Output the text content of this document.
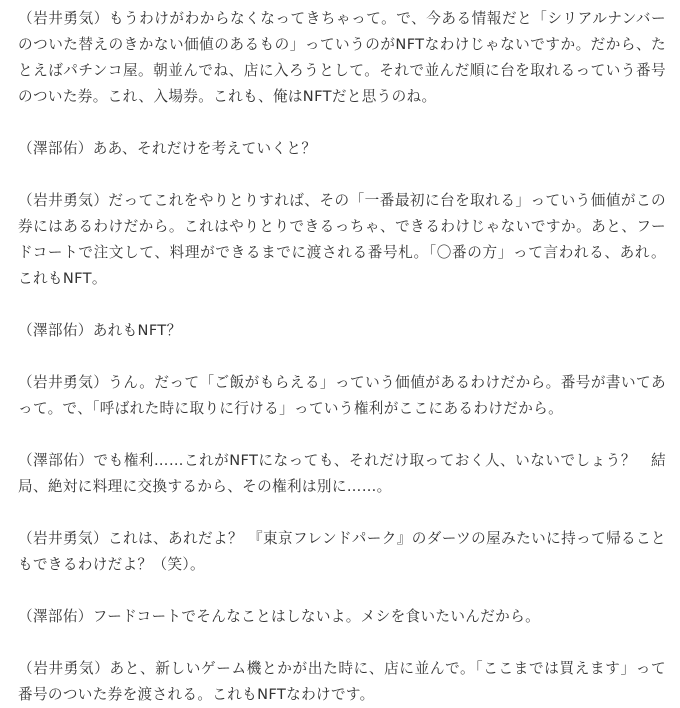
（岩井勇気）もうわけがわからなくなってきちゃって。で、今ある情報だと「シリアルナンバーのついた替えのきかない価値のあるもの」っていうのがNFTなわけじゃないですか。だから、たとえばパチンコ屋。朝並んでね、店に入ろうとして。それで並んだ順に台を取れるっていう番号のついた券。これ、入場券。これも、俺はNFTだと思うのね。

（澤部佑）ああ、それだけを考えていくと？

（岩井勇気）だってこれをやりとりすれば、その「一番最初に台を取れる」っていう価値がこの券にはあるわけだから。これはやりとりできるっちゃ、できるわけじゃないですか。あと、フードコートで注文して、料理ができるまでに渡される番号札。「〇番の方」って言われる、あれ。これもNFT。

（澤部佑）あれもNFT？

（岩井勇気）うん。だって「ご飯がもらえる」っていう価値があるわけだから。番号が書いてあって。で、「呼ばれた時に取りに行ける」っていう権利がここにあるわけだから。

（澤部佑）でも権利……これがNFTになっても、それだけ取っておく人、いないでしょう？　結局、絶対に料理に交換するから、その権利は別に……。

（岩井勇気）これは、あれだよ？ 『東京フレンドパーク』のダーツの屋みたいに持って帰ることもできるわけだよ？（笑）。

（澤部佑）フードコートでそんなことはしないよ。メシを食いたいんだから。

（岩井勇気）あと、新しいゲーム機とかが出た時に、店に並んで。「ここまでは買えます」って番号のついた券を渡される。これもNFTなわけです。
